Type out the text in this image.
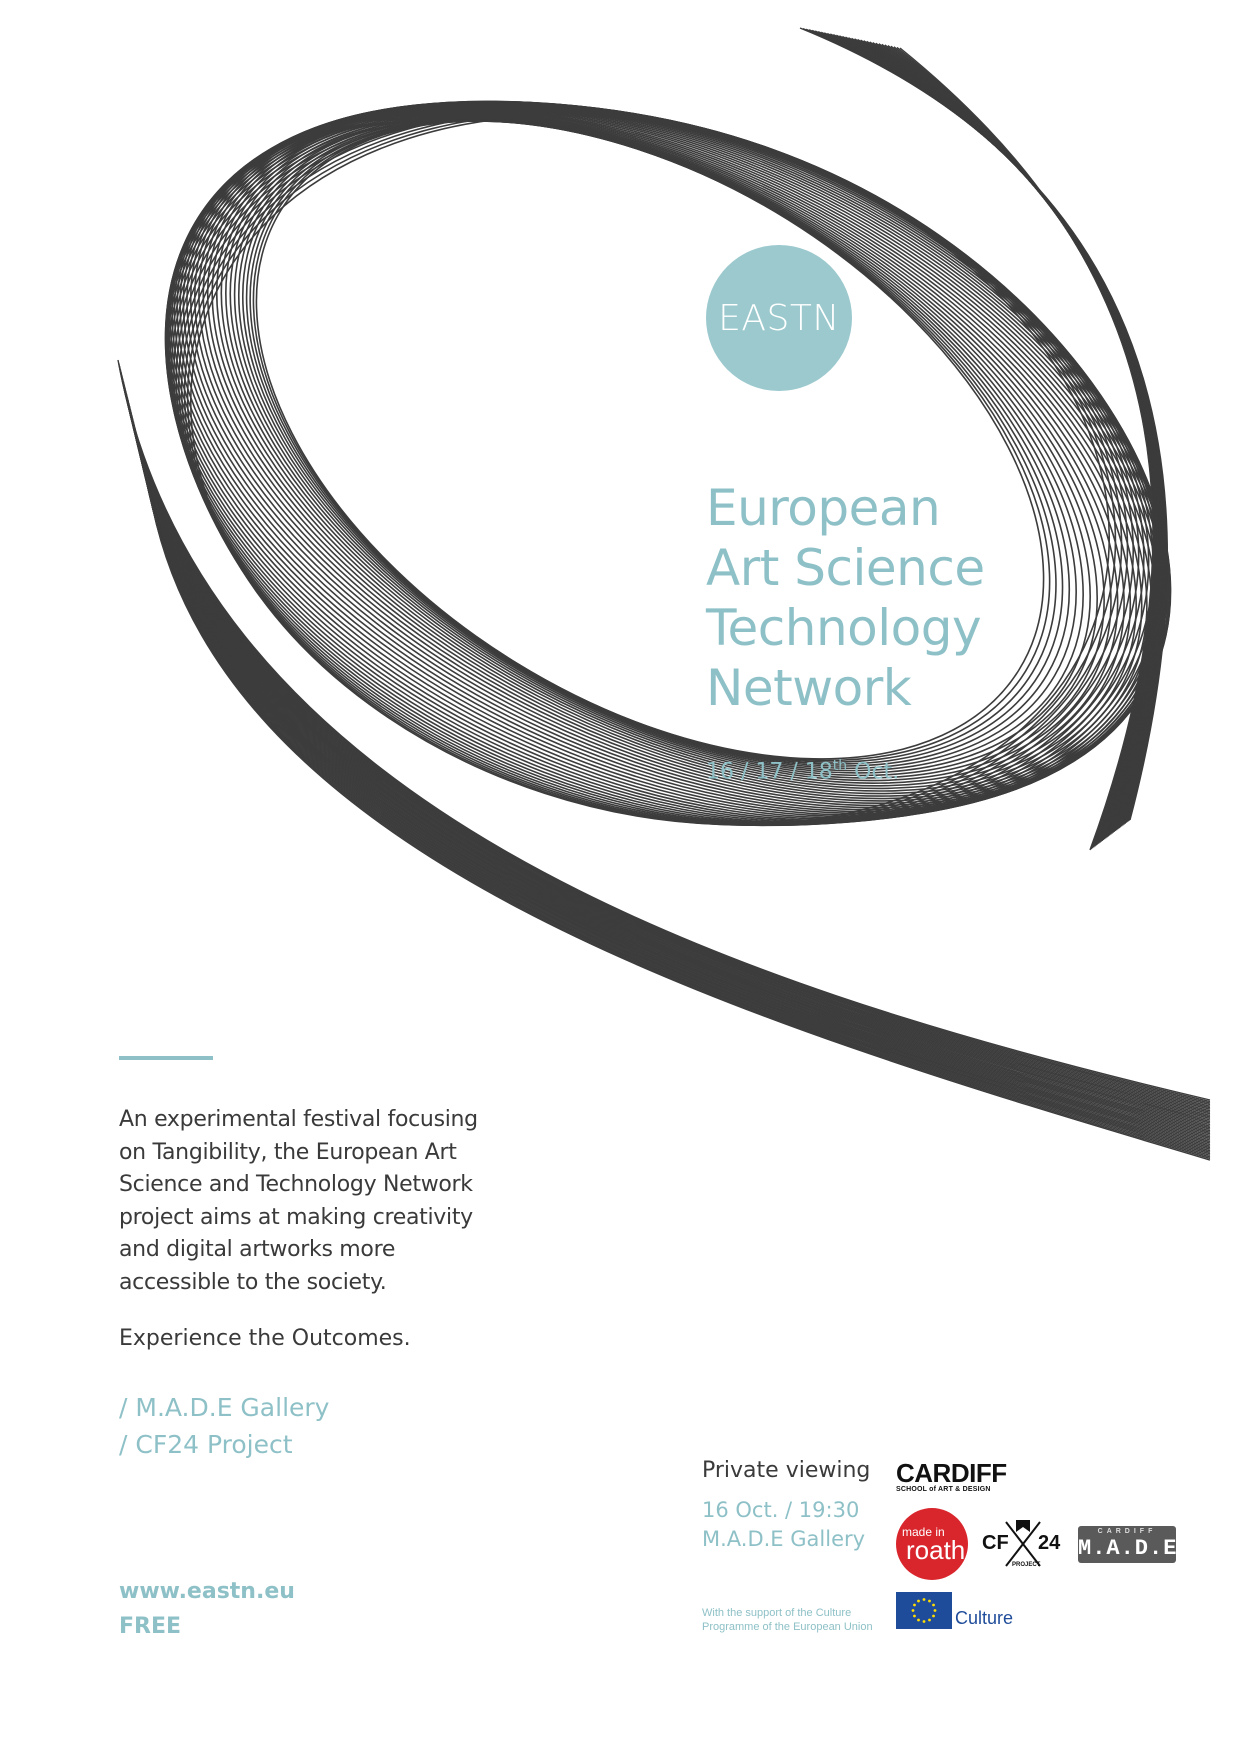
EASTN
European
Art Science
Technology
Network
16 / 17 / 18th Oct.
An experimental festival focusing
on Tangibility, the European Art
Science and Technology Network
project aims at making creativity
and digital artworks more
accessible to the society.
Experience the Outcomes.
/ M.A.D.E Gallery
/ CF24 Project
www.eastn.eu
FREE
Private viewing
16 Oct. / 19:30
M.A.D.E Gallery
With the support of the Culture
Programme of the European Union
CARDIFF
SCHOOL of ART & DESIGN
made in
roath CF 24
PROJECT
CARDIFF
M.A.D.E
Culture
